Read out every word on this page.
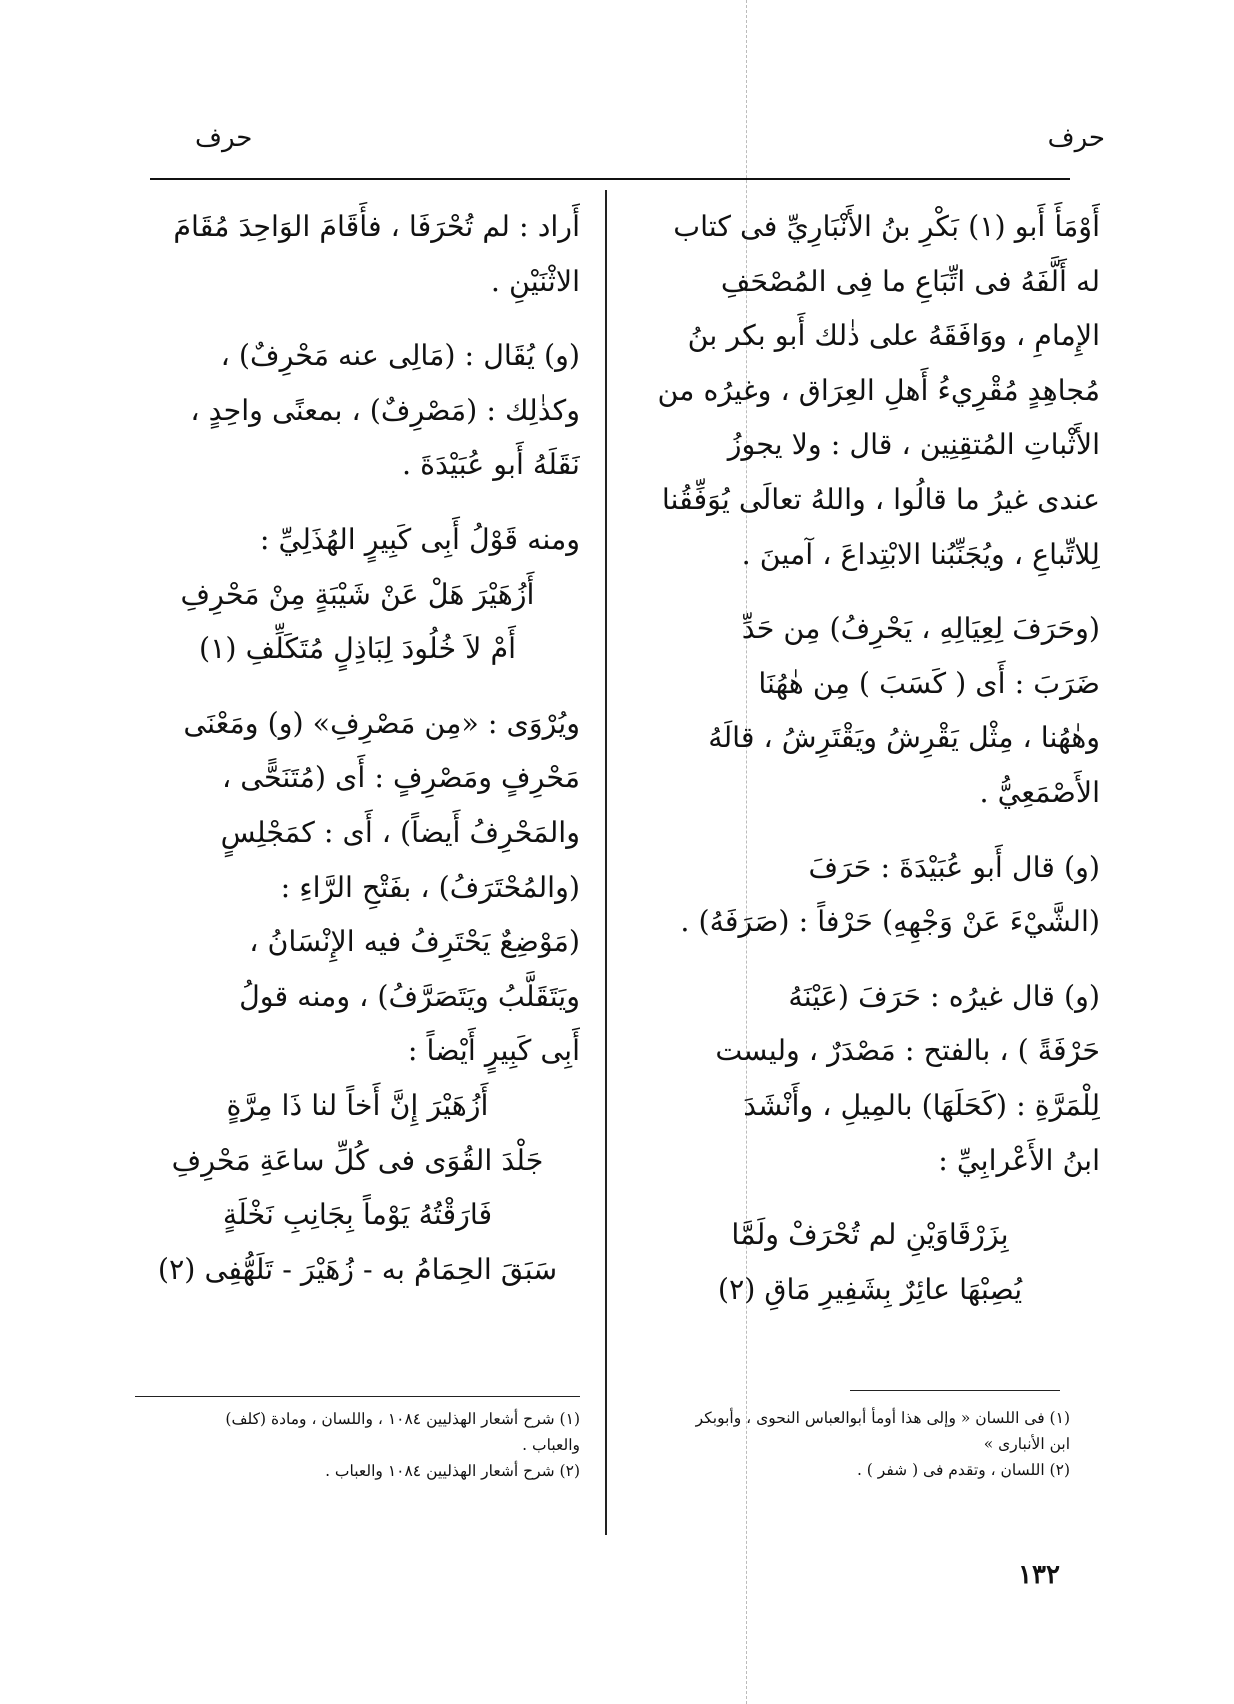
حرف
حرف
أَوْمَأَ أَبو (١) بَكْرِ بنُ الأَنْبَارِيِّ فى كتاب
له أَلَّفَهُ فى اتِّبَاعِ ما فِى المُصْحَفِ
الإِمامِ ، ووَافَقَهُ على ذٰلك أَبو بكر بنُ
مُجاهِدٍ مُقْرِيءُ أَهلِ العِرَاق ، وغيرُه من
الأَثْباتِ المُتقِنِين ، قال : ولا يجوزُ
عندى غيرُ ما قالُوا ، واللهُ تعالَى يُوَفِّقُنا
لِلاتِّباعِ ، ويُجَنِّبُنا الابْتِداعَ ، آمينَ .
(وحَرَفَ لِعِيَالِهِ ، يَحْرِفُ) مِن حَدِّ
ضَرَبَ : أَى ( كَسَبَ ) مِن هٰهُنَا
وهٰهُنا ، مِثْل يَقْرِشُ ويَقْتَرِشُ ، قالَهُ
الأَصْمَعِيُّ .
(و) قال أَبو عُبَيْدَةَ : حَرَفَ
(الشَّيْءَ عَنْ وَجْهِهِ) حَرْفاً : (صَرَفَهُ) .
(و) قال غيرُه : حَرَفَ (عَيْنَهُ
حَرْفَةً ) ، بالفتح : مَصْدَرٌ ، وليست
لِلْمَرَّةِ : (كَحَلَهَا) بالمِيلِ ، وأَنْشَدَ
ابنُ الأَعْرابِيِّ :
بِزَرْقَاوَيْنِ لم تُحْرَفْ ولَمَّا
يُصِبْهَا عائِرٌ بِشَفِيرِ مَاقِ (٢)
أَراد : لم تُحْرَفَا ، فأَقَامَ الوَاحِدَ مُقَامَ
الاثْنَيْنِ .
(و) يُقَال : (مَالِى عنه مَحْرِفٌ) ،
وكذٰلِك : (مَصْرِفٌ) ، بمعنًى واحِدٍ ،
نَقَلَهُ أَبو عُبَيْدَةَ .
ومنه قَوْلُ أَبِى كَبِيرٍ الهُذَلِيِّ :
أَزُهَيْرَ هَلْ عَنْ شَيْبَةٍ مِنْ مَحْرِفِ
أَمْ لاَ خُلُودَ لِبَاذِلٍ مُتَكَلِّفِ (١)
ويُرْوَى : «مِن مَصْرِفِ» (و) ومَعْنَى
مَحْرِفٍ ومَصْرِفٍ : أَى (مُتَنَحًّى ،
والمَحْرِفُ أَيضاً) ، أَى : كمَجْلِسٍ
(والمُحْتَرَفُ) ، بفَتْحِ الرَّاءِ :
(مَوْضِعٌ يَحْتَرِفُ فيه الإِنْسَانُ ،
ويَتَقَلَّبُ ويَتَصَرَّفُ) ، ومنه قولُ
أَبِى كَبِيرٍ أَيْضاً :
أَزُهَيْرَ إِنَّ أَخاً لنا ذَا مِرَّةٍ
جَلْدَ القُوَى فى كُلِّ ساعَةِ مَحْرِفِ
فَارَقْتُهُ يَوْماً بِجَانِبِ نَخْلَةٍ
سَبَقَ الحِمَامُ به - زُهَيْرَ - تَلَهُّفِى (٢)
(١) فى اللسان « وإلى هذا أومأ أبوالعباس النحوى ، وأبوبكر
ابن الأنبارى »
(٢) اللسان ، وتقدم فى ( شفر ) .
(١) شرح أشعار الهذليين ١٠٨٤ ، واللسان ، ومادة (كلف)
والعباب .
(٢) شرح أشعار الهذليين ١٠٨٤ والعباب .
١٣٢
